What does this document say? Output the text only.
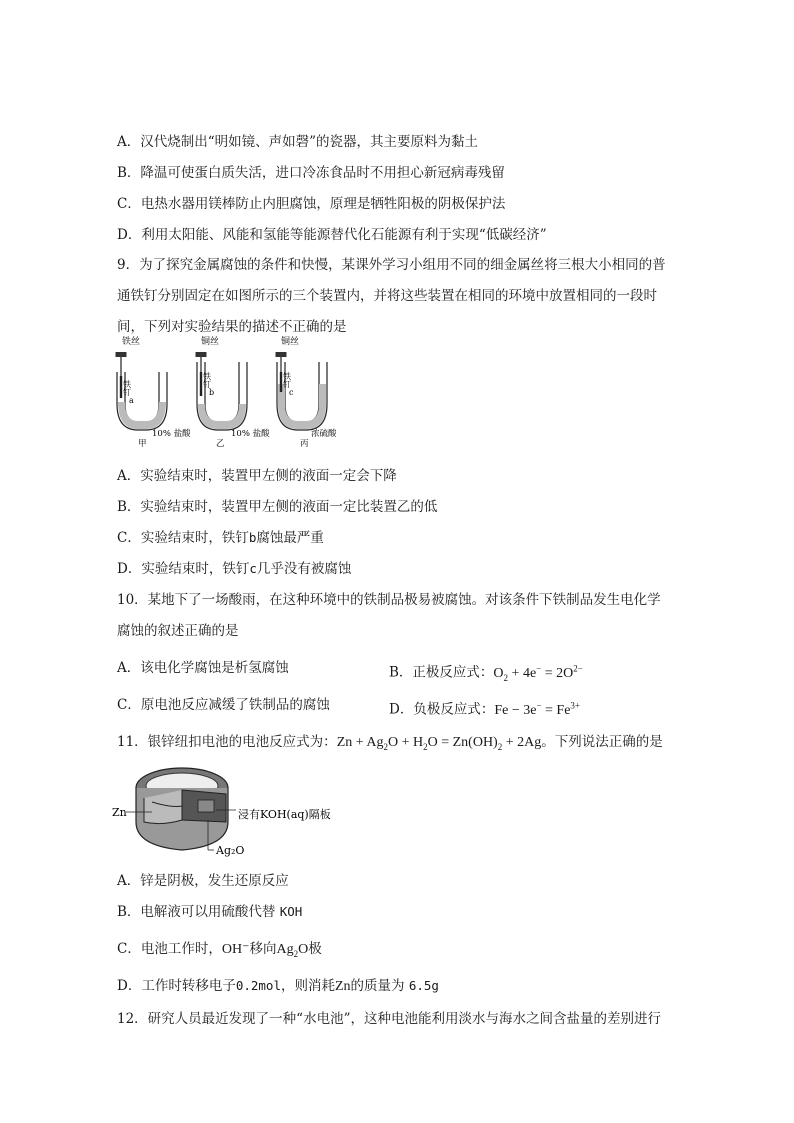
A．汉代烧制出“明如镜、声如磬”的瓷器，其主要原料为黏土
B．降温可使蛋白质失活，进口冷冻食品时不用担心新冠病毒残留
C．电热水器用镁棒防止内胆腐蚀，原理是牺牲阳极的阴极保护法
D．利用太阳能、风能和氢能等能源替代化石能源有利于实现“低碳经济”
9．为了探究金属腐蚀的条件和快慢，某课外学习小组用不同的细金属丝将三根大小相同的普
通铁钉分别固定在如图所示的三个装置内，并将这些装置在相同的环境中放置相同的一段时
间，下列对实验结果的描述不正确的是
铁丝
铁钉
a
10% 盐酸
甲
铜丝
铁钉
b
10% 盐酸
乙
铜丝
铁钉
c
浓硫酸
丙
A．实验结束时，装置甲左侧的液面一定会下降
B．实验结束时，装置甲左侧的液面一定比装置乙的低
C．实验结束时，铁钉b腐蚀最严重
D．实验结束时，铁钉c几乎没有被腐蚀
10．某地下了一场酸雨，在这种环境中的铁制品极易被腐蚀。对该条件下铁制品发生电化学
腐蚀的叙述正确的是
A．该电化学腐蚀是析氢腐蚀	B．正极反应式：$O_2 + 4e^- = 2O^{2-}$
C．原电池反应减缓了铁制品的腐蚀	D．负极反应式：$Fe - 3e^- = Fe^{3+}$
11．银锌纽扣电池的电池反应式为：$Zn + Ag_2O + H_2O = Zn(OH)_2 + 2Ag$。下列说法正确的是
Zn	浸有KOH(aq)隔板
Ag₂O
A．锌是阴极，发生还原反应
B．电解液可以用硫酸代替 KOH
C．电池工作时，OH⁻移向$Ag_2O$极
D．工作时转移电子0.2mol，则消耗Zn的质量为 6.5g
12．研究人员最近发现了一种“水电池”，这种电池能利用淡水与海水之间含盐量的差别进行
